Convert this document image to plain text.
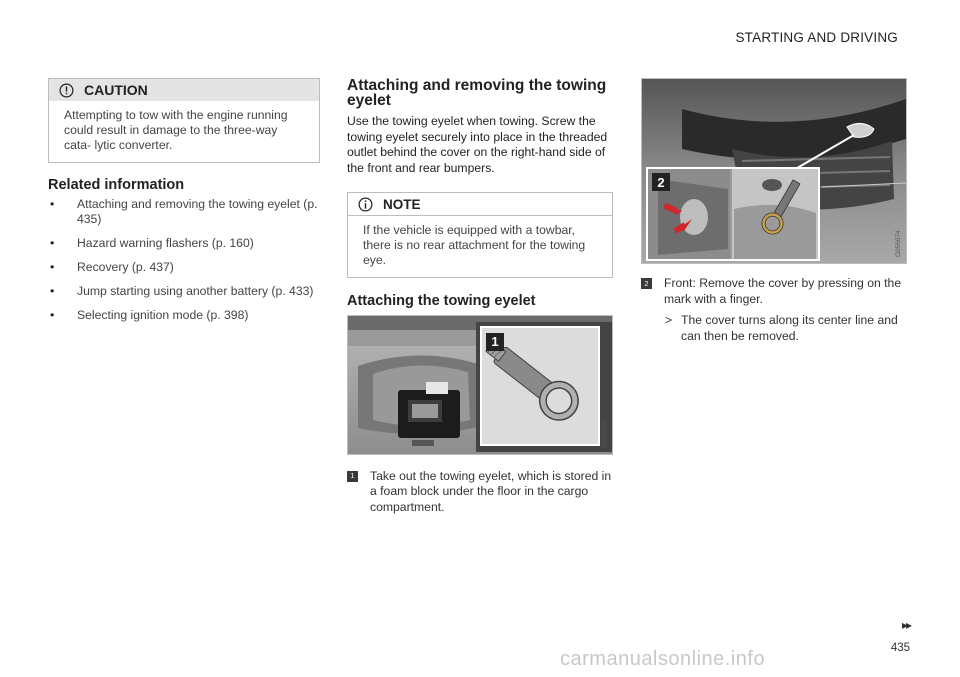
STARTING AND DRIVING
CAUTION
Attempting to tow with the engine running could result in damage to the three-way cata- lytic converter.
Related information
• Attaching and removing the towing eyelet (p. 435)
• Hazard warning flashers (p. 160)
• Recovery (p. 437)
• Jump starting using another battery (p. 433)
• Selecting ignition mode (p. 398)
Attaching and removing the towing eyelet

Use the towing eyelet when towing. Screw the towing eyelet securely into place in the threaded outlet behind the cover on the right-hand side of the front and rear bumpers.

NOTE
If the vehicle is equipped with a towbar, there is no rear attachment for the towing eye.
Attaching the towing eyelet
1
G056668
1 Take out the towing eyelet, which is stored in a foam block under the floor in the cargo compartment.
2
G056674
2 Front: Remove the cover by pressing on the mark with a finger.
> The cover turns along its center line and can then be removed.
▸▸
435
carmanualsonline.info
